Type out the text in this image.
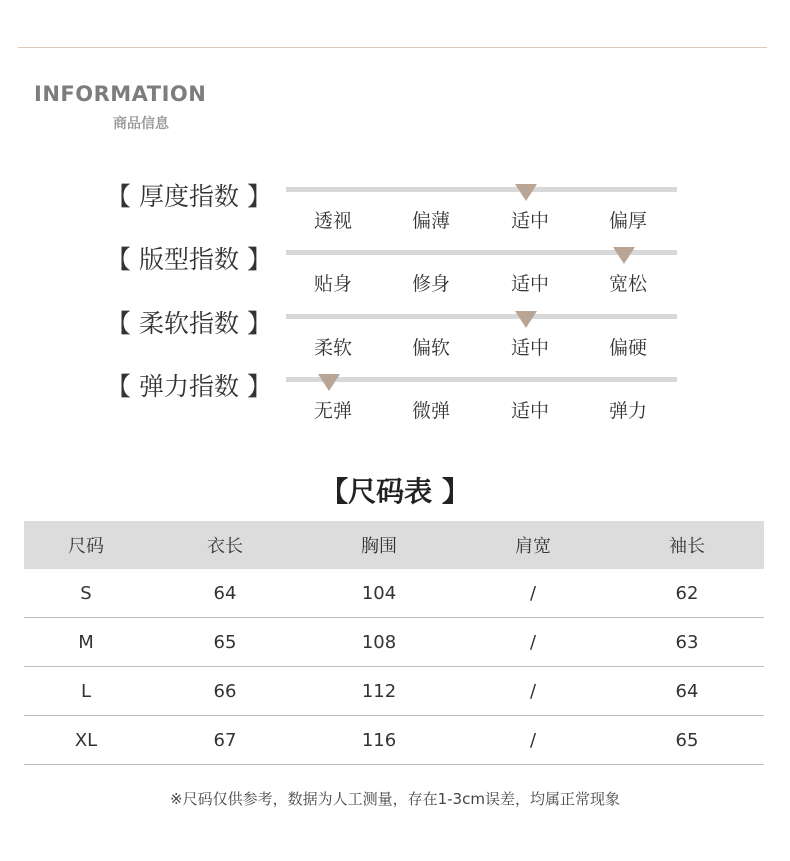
INFORMATION
商品信息
【 厚度指数 】
透视	偏薄	适中	偏厚
【 版型指数 】
贴身	修身	适中	宽松
【 柔软指数 】
柔软	偏软	适中	偏硬
【 弹力指数 】
无弹	微弹	适中	弹力
【尺码表 】
尺码	衣长	胸围	肩宽	袖长
S	64	104	/	62
M	65	108	/	63
L	66	112	/	64
XL	67	116	/	65
※尺码仅供参考，数据为人工测量，存在1-3cm误差，均属正常现象
